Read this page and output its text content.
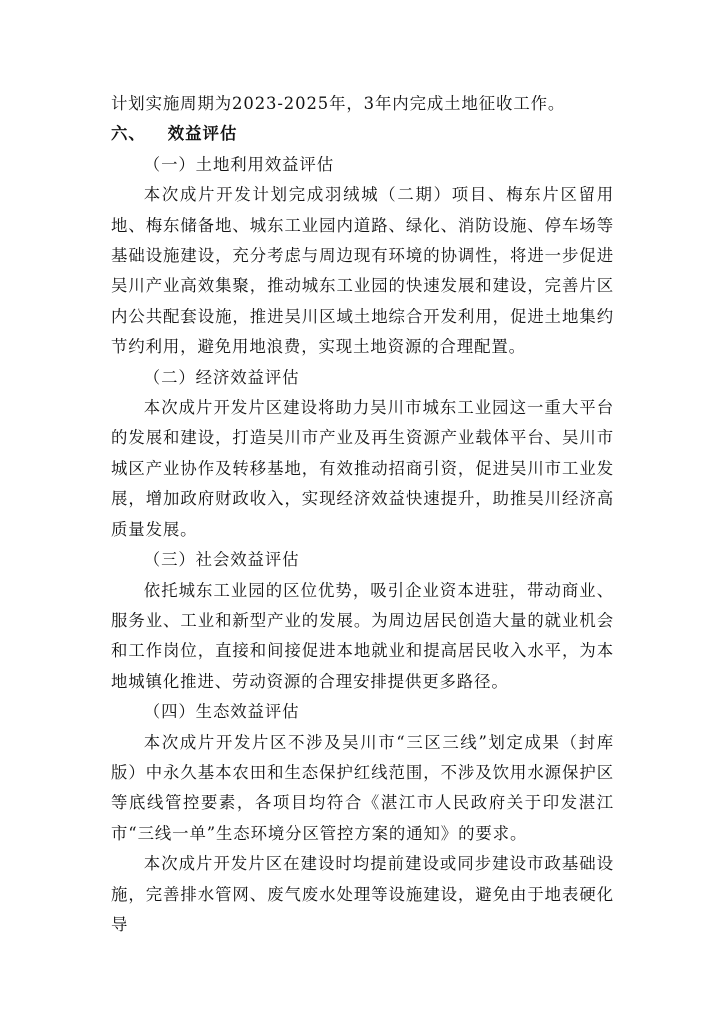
计划实施周期为2023-2025年，3年内完成土地征收工作。

六、 效益评估

（一）土地利用效益评估

本次成片开发计划完成羽绒城（二期）项目、梅东片区留用地、梅东储备地、城东工业园内道路、绿化、消防设施、停车场等基础设施建设，充分考虑与周边现有环境的协调性，将进一步促进吴川产业高效集聚，推动城东工业园的快速发展和建设，完善片区内公共配套设施，推进吴川区域土地综合开发利用，促进土地集约节约利用，避免用地浪费，实现土地资源的合理配置。

（二）经济效益评估

本次成片开发片区建设将助力吴川市城东工业园这一重大平台的发展和建设，打造吴川市产业及再生资源产业载体平台、吴川市城区产业协作及转移基地，有效推动招商引资，促进吴川市工业发展，增加政府财政收入，实现经济效益快速提升，助推吴川经济高质量发展。

（三）社会效益评估

依托城东工业园的区位优势，吸引企业资本进驻，带动商业、服务业、工业和新型产业的发展。为周边居民创造大量的就业机会和工作岗位，直接和间接促进本地就业和提高居民收入水平，为本地城镇化推进、劳动资源的合理安排提供更多路径。

（四）生态效益评估

本次成片开发片区不涉及吴川市“三区三线”划定成果（封库版）中永久基本农田和生态保护红线范围，不涉及饮用水源保护区等底线管控要素，各项目均符合《湛江市人民政府关于印发湛江市“三线一单”生态环境分区管控方案的通知》的要求。

本次成片开发片区在建设时均提前建设或同步建设市政基础设施，完善排水管网、废气废水处理等设施建设，避免由于地表硬化导
